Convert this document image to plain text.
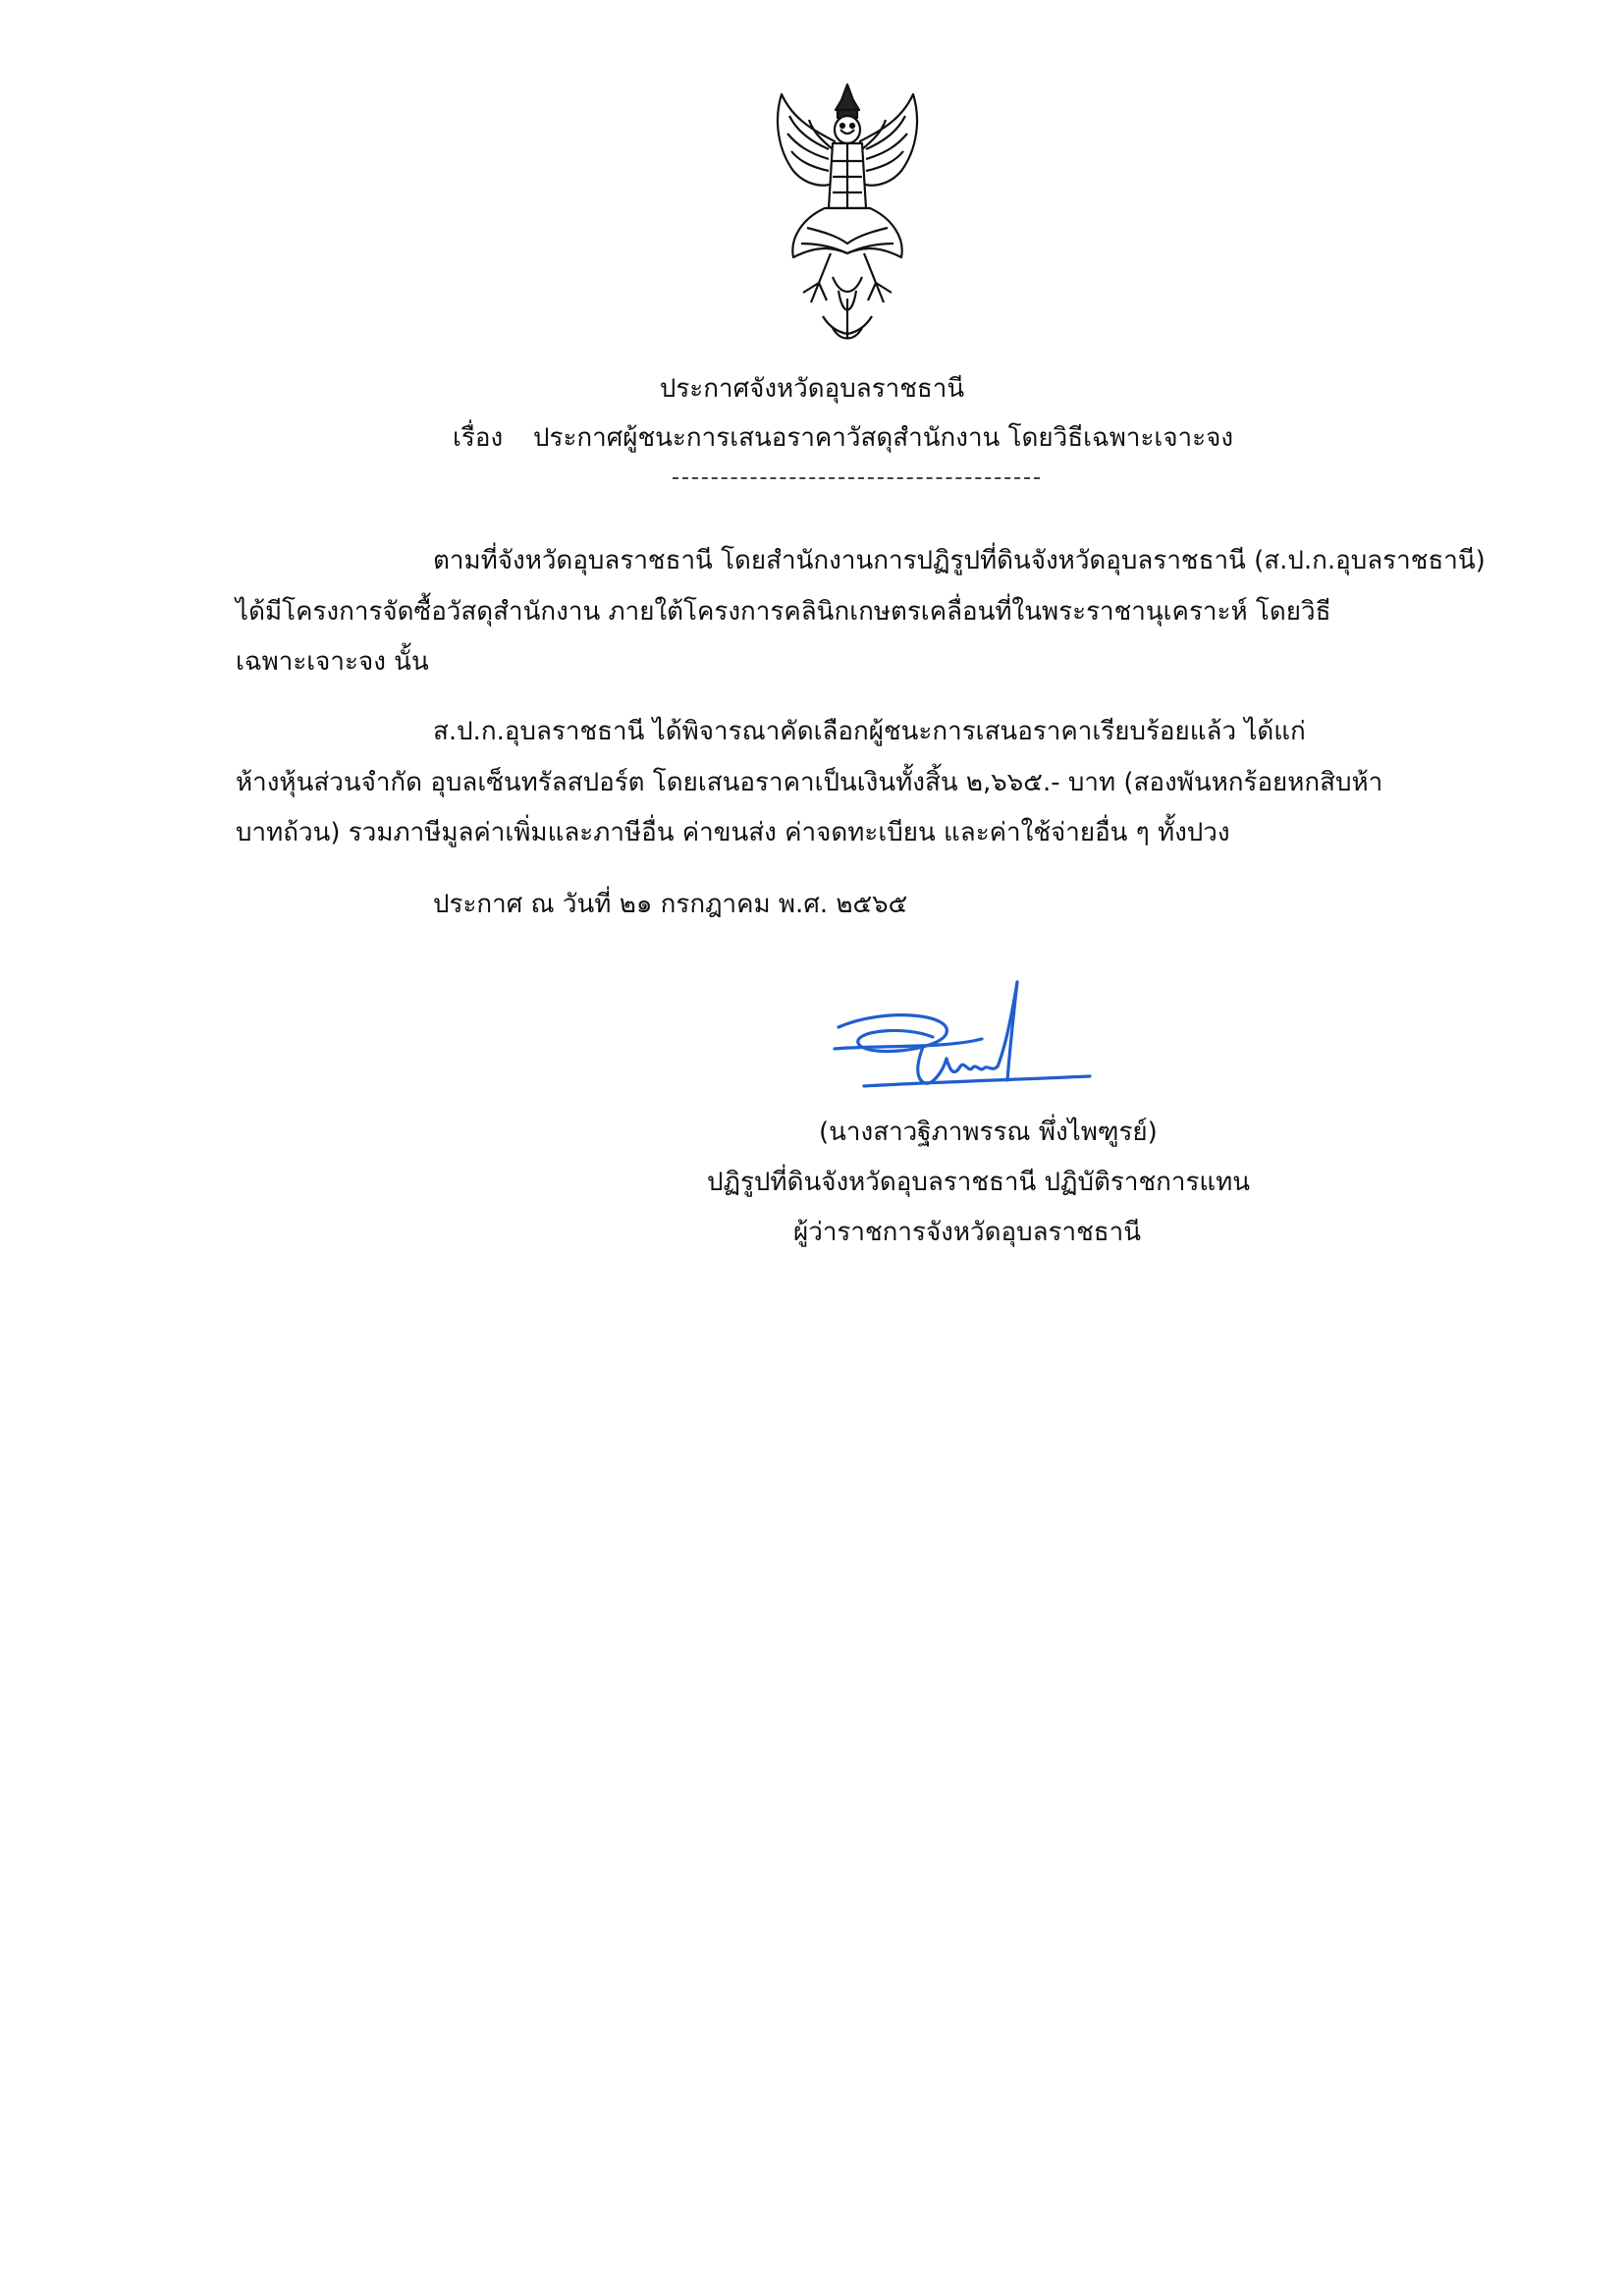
ประกาศจังหวัดอุบลราชธานี
เรื่อง ประกาศผู้ชนะการเสนอราคาวัสดุสำนักงาน โดยวิธีเฉพาะเจาะจง
ตามที่จังหวัดอุบลราชธานี โดยสำนักงานการปฏิรูปที่ดินจังหวัดอุบลราชธานี (ส.ป.ก.อุบลราชธานี)
ได้มีโครงการจัดซื้อวัสดุสำนักงาน ภายใต้โครงการคลินิกเกษตรเคลื่อนที่ในพระราชานุเคราะห์ โดยวิธี
เฉพาะเจาะจง นั้น
ส.ป.ก.อุบลราชธานี ได้พิจารณาคัดเลือกผู้ชนะการเสนอราคาเรียบร้อยแล้ว ได้แก่
ห้างหุ้นส่วนจำกัด อุบลเซ็นทรัลสปอร์ต โดยเสนอราคาเป็นเงินทั้งสิ้น ๒,๖๖๕.- บาท (สองพันหกร้อยหกสิบห้า
บาทถ้วน) รวมภาษีมูลค่าเพิ่มและภาษีอื่น ค่าขนส่ง ค่าจดทะเบียน และค่าใช้จ่ายอื่น ๆ ทั้งปวง
ประกาศ ณ วันที่ ๒๑ กรกฎาคม พ.ศ. ๒๕๖๕
(นางสาวฐิภาพรรณ พึ่งไพฑูรย์)
ปฏิรูปที่ดินจังหวัดอุบลราชธานี ปฏิบัติราชการแทน
ผู้ว่าราชการจังหวัดอุบลราชธานี
